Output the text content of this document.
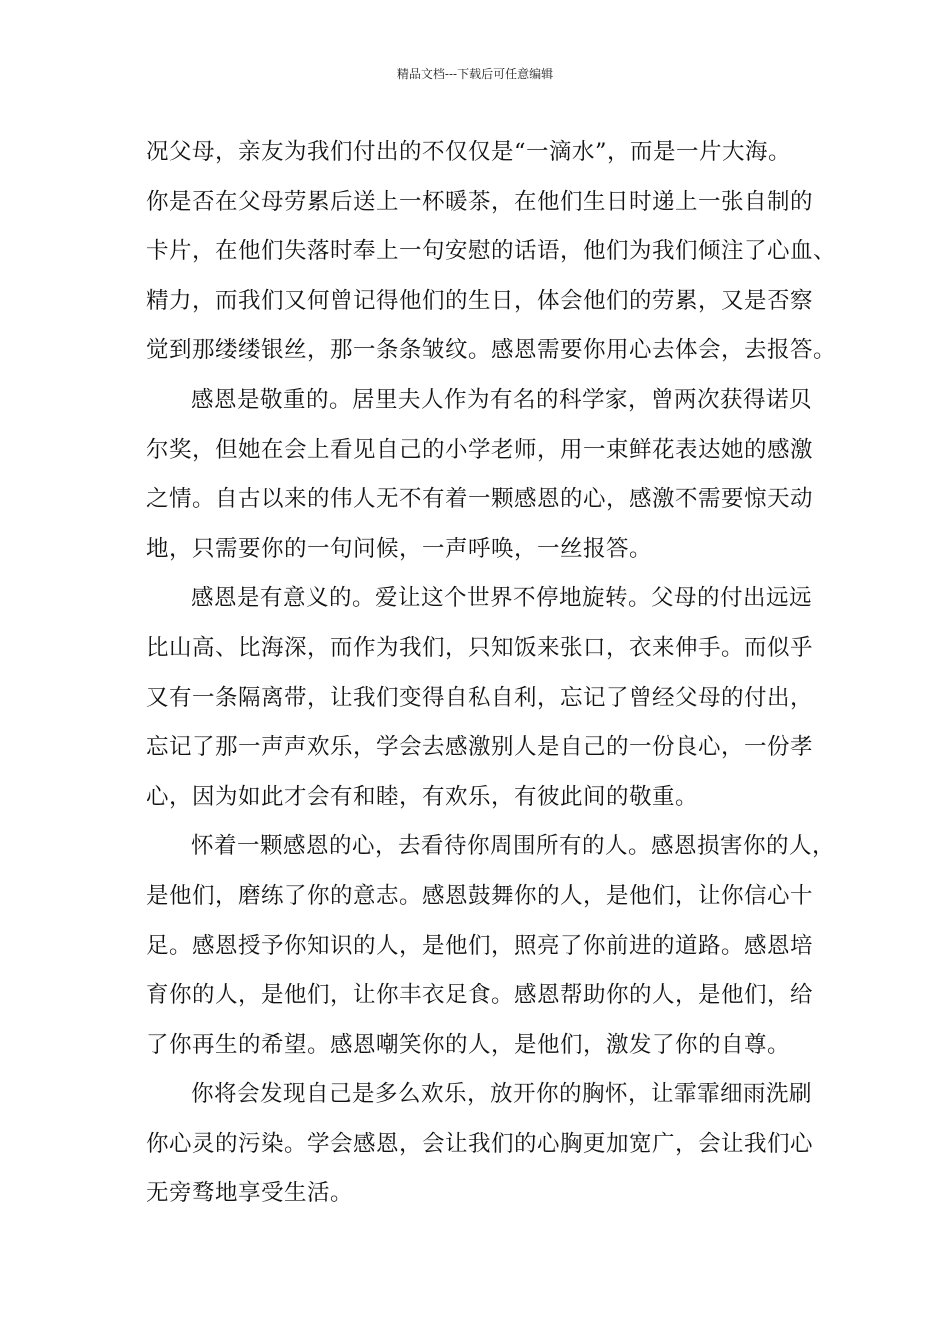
精品文档---下载后可任意编辑
况父母，亲友为我们付出的不仅仅是“一滴水”，而是一片大海。
你是否在父母劳累后送上一杯暖茶，在他们生日时递上一张自制的
卡片，在他们失落时奉上一句安慰的话语，他们为我们倾注了心血、
精力，而我们又何曾记得他们的生日，体会他们的劳累，又是否察
觉到那缕缕银丝，那一条条皱纹。感恩需要你用心去体会，去报答。
感恩是敬重的。居里夫人作为有名的科学家，曾两次获得诺贝
尔奖，但她在会上看见自己的小学老师，用一束鲜花表达她的感激
之情。自古以来的伟人无不有着一颗感恩的心，感激不需要惊天动
地，只需要你的一句问候，一声呼唤，一丝报答。
感恩是有意义的。爱让这个世界不停地旋转。父母的付出远远
比山高、比海深，而作为我们，只知饭来张口，衣来伸手。而似乎
又有一条隔离带，让我们变得自私自利，忘记了曾经父母的付出，
忘记了那一声声欢乐，学会去感激别人是自己的一份良心，一份孝
心，因为如此才会有和睦，有欢乐，有彼此间的敬重。
怀着一颗感恩的心，去看待你周围所有的人。感恩损害你的人，
是他们，磨练了你的意志。感恩鼓舞你的人，是他们，让你信心十
足。感恩授予你知识的人，是他们，照亮了你前进的道路。感恩培
育你的人，是他们，让你丰衣足食。感恩帮助你的人，是他们，给
了你再生的希望。感恩嘲笑你的人，是他们，激发了你的自尊。
你将会发现自己是多么欢乐，放开你的胸怀，让霏霏细雨洗刷
你心灵的污染。学会感恩，会让我们的心胸更加宽广，会让我们心
无旁骛地享受生活。
